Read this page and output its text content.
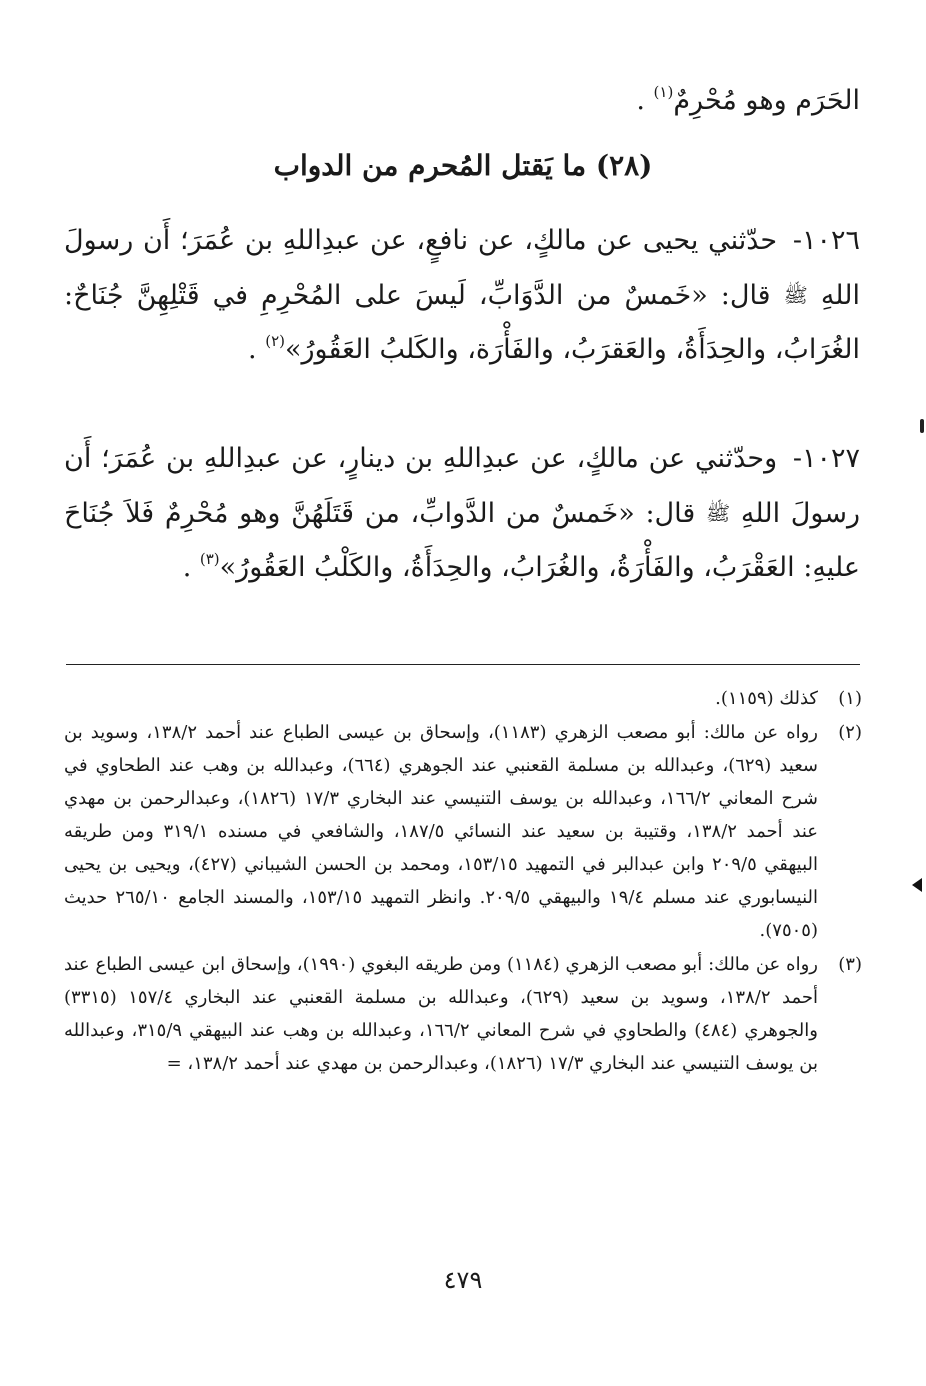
الحَرَم وهو مُحْرِمٌ$^{(١)}$ .
(٢٨) ما يَقتل المُحرم من الدواب
١٠٢٦- حدّثني يحيى عن مالكٍ، عن نافعٍ، عن عبدِاللهِ بن عُمَرَ؛ أَن رسولَ اللهِ ﷺ قال: «خَمسٌ من الدَّوَابِّ، لَيسَ على المُحْرِمِ في قَتْلِهِنَّ جُنَاحٌ: الغُرَابُ، والحِدَأَةُ، والعَقرَبُ، والفَأْرَة، والكَلبُ العَقُورُ»$^{(٢)}$ .
١٠٢٧- وحدّثني عن مالكٍ، عن عبدِاللهِ بن دينارٍ، عن عبدِاللهِ بن عُمَرَ؛ أَن رسولَ اللهِ ﷺ قال: «خَمسٌ من الدَّوابِّ، من قَتَلَهُنَّ وهو مُحْرِمٌ فَلاَ جُنَاحَ عليهِ: العَقْرَبُ، والفَأْرَةُ، والغُرَابُ، والحِدَأَةُ، والكَلْبُ العَقُورُ»$^{(٣)}$ .
(١)
كذلك (١١٥٩).
(٢)
رواه عن مالك: أبو مصعب الزهري (١١٨٣)، وإسحاق بن عيسى الطباع عند أحمد ١٣٨/٢، وسويد بن سعيد (٦٢٩)، وعبدالله بن مسلمة القعنبي عند الجوهري (٦٦٤)، وعبدالله بن وهب عند الطحاوي في شرح المعاني ١٦٦/٢، وعبدالله بن يوسف التنيسي عند البخاري ١٧/٣ (١٨٢٦)، وعبدالرحمن بن مهدي عند أحمد ١٣٨/٢، وقتيبة بن سعيد عند النسائي ١٨٧/٥، والشافعي في مسنده ٣١٩/١ ومن طريقه البيهقي ٢٠٩/٥ وابن عبدالبر في التمهيد ١٥٣/١٥، ومحمد بن الحسن الشيباني (٤٢٧)، ويحيى بن يحيى النيسابوري عند مسلم ١٩/٤ والبيهقي ٢٠٩/٥. وانظر التمهيد ١٥٣/١٥، والمسند الجامع ٢٦٥/١٠ حديث (٧٥٠٥).
(٣)
رواه عن مالك: أبو مصعب الزهري (١١٨٤) ومن طريقه البغوي (١٩٩٠)، وإسحاق ابن عيسى الطباع عند أحمد ١٣٨/٢، وسويد بن سعيد (٦٢٩)، وعبدالله بن مسلمة القعنبي عند البخاري ١٥٧/٤ (٣٣١٥) والجوهري (٤٨٤) والطحاوي في شرح المعاني ١٦٦/٢، وعبدالله بن وهب عند البيهقي ٣١٥/٩، وعبدالله بن يوسف التنيسي عند البخاري ١٧/٣ (١٨٢٦)، وعبدالرحمن بن مهدي عند أحمد ١٣٨/٢، =
٤٧٩
